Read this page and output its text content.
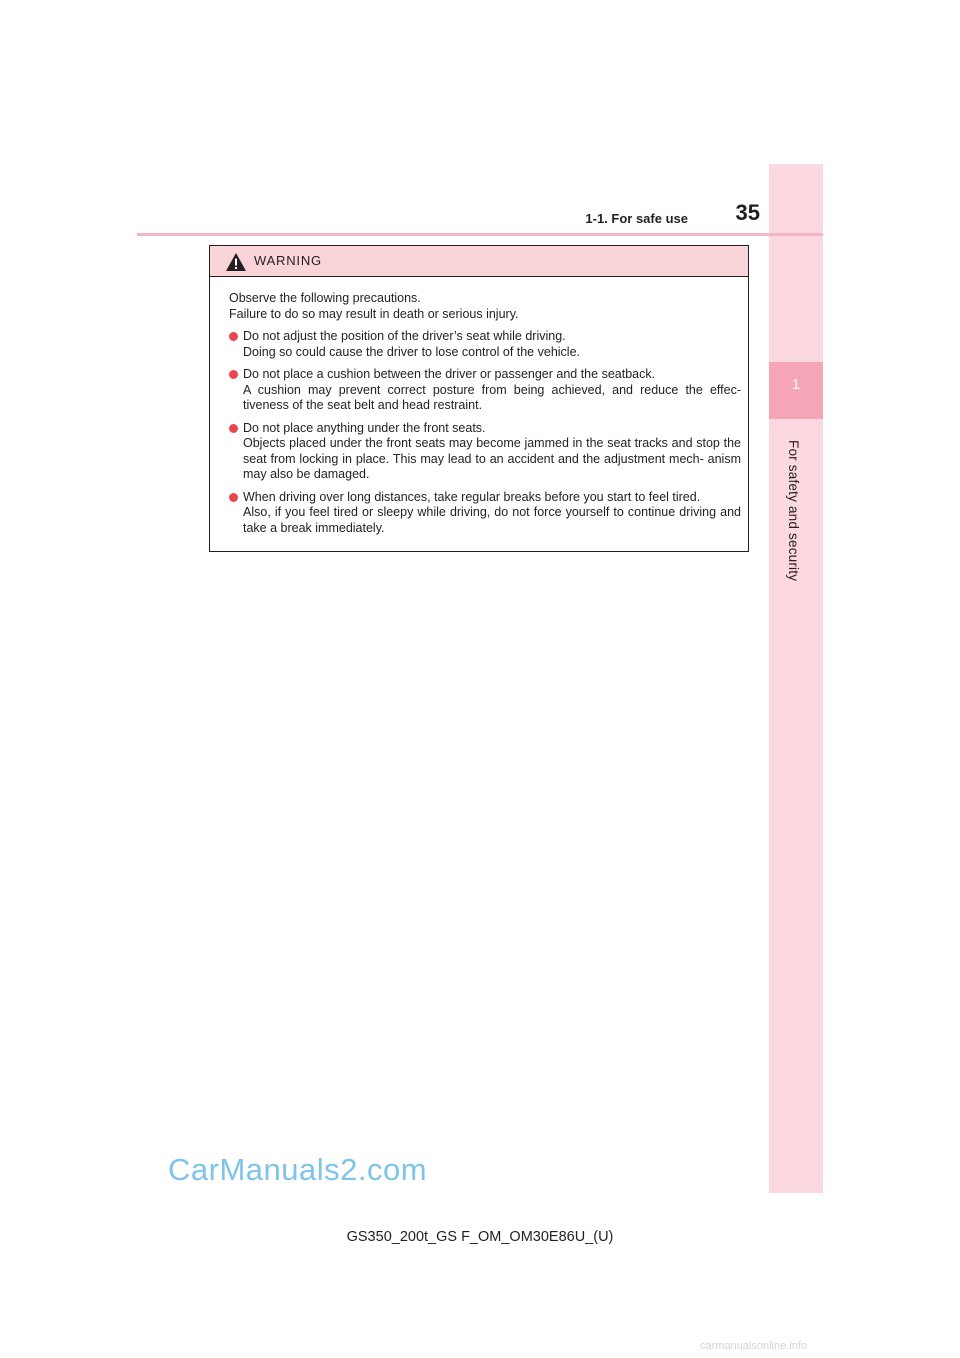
1
For safety and security
1-1. For safe use	35
WARNING

Observe the following precautions.
Failure to do so may result in death or serious injury.

Do not adjust the position of the driver’s seat while driving.
Doing so could cause the driver to lose control of the vehicle.
Do not place a cushion between the driver or passenger and the seatback.
A cushion may prevent correct posture from being achieved, and reduce the effec- tiveness of the seat belt and head restraint.
Do not place anything under the front seats.
Objects placed under the front seats may become jammed in the seat tracks and stop the seat from locking in place. This may lead to an accident and the adjustment mech- anism may also be damaged.
When driving over long distances, take regular breaks before you start to feel tired.
Also, if you feel tired or sleepy while driving, do not force yourself to continue driving and take a break immediately.
CarManuals2.com
GS350_200t_GS F_OM_OM30E86U_(U)
carmanualsonline.info
